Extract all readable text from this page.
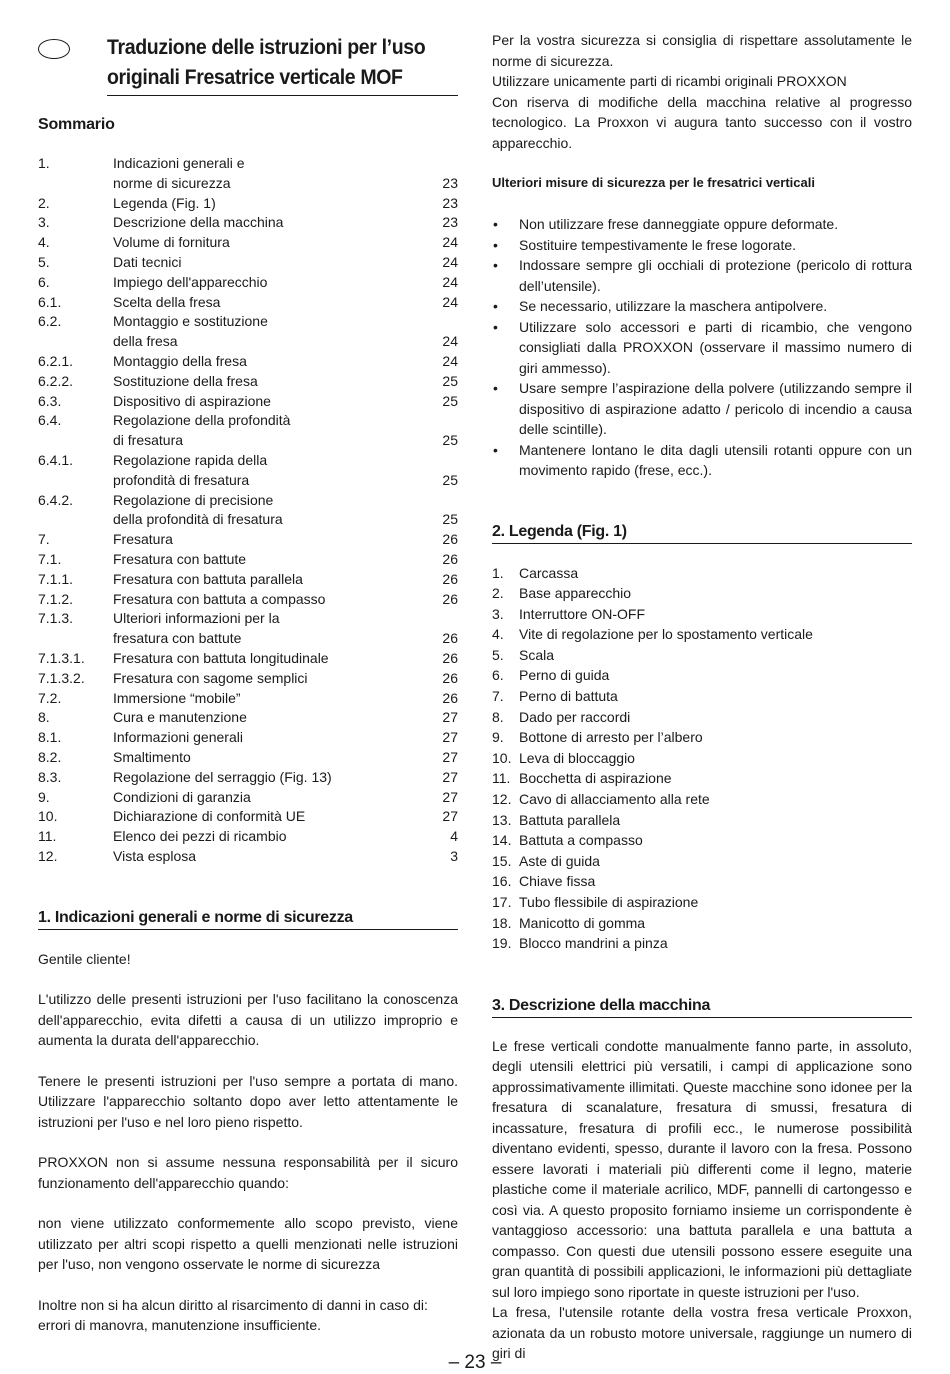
Traduzione delle istruzioni per l’uso
originali Fresatrice verticale MOF
Sommario
1.	Indicazioni generali e
norme di sicurezza	23
2.	Legenda (Fig. 1)	23
3.	Descrizione della macchina	23
4.	Volume di fornitura	24
5.	Dati tecnici	24
6.	Impiego dell'apparecchio	24
6.1.	Scelta della fresa	24
6.2.	Montaggio e sostituzione
della fresa	24
6.2.1.	Montaggio della fresa	24
6.2.2.	Sostituzione della fresa	25
6.3.	Dispositivo di aspirazione	25
6.4.	Regolazione della profondità
di fresatura	25
6.4.1.	Regolazione rapida della
profondità di fresatura	25
6.4.2.	Regolazione di precisione
della profondità di fresatura	25
7.	Fresatura	26
7.1.	Fresatura con battute	26
7.1.1.	Fresatura con battuta parallela	26
7.1.2.	Fresatura con battuta a compasso	26
7.1.3.	Ulteriori informazioni per la
fresatura con battute	26
7.1.3.1.	Fresatura con battuta longitudinale	26
7.1.3.2.	Fresatura con sagome semplici	26
7.2.	Immersione “mobile”	26
8.	Cura e manutenzione	27
8.1.	Informazioni generali	27
8.2.	Smaltimento	27
8.3.	Regolazione del serraggio (Fig. 13)	27
9.	Condizioni di garanzia	27
10.	Dichiarazione di conformità UE	27
11.	Elenco dei pezzi di ricambio	4
12.	Vista esplosa	3
1. Indicazioni generali e norme di sicurezza

Gentile cliente!

L'utilizzo delle presenti istruzioni per l'uso facilitano la conoscenza dell'apparecchio, evita difetti a causa di un utilizzo improprio e aumenta la durata dell'apparecchio.

Tenere le presenti istruzioni per l'uso sempre a portata di mano. Utilizzare l'apparecchio soltanto dopo aver letto attentamente le istruzioni per l'uso e nel loro pieno rispetto.

PROXXON non si assume nessuna responsabilità per il sicuro funzionamento dell'apparecchio quando:

non viene utilizzato conformemente allo scopo previsto, viene utilizzato per altri scopi rispetto a quelli menzionati nelle istruzioni per l'uso, non vengono osservate le norme di sicurezza

Inoltre non si ha alcun diritto al risarcimento di danni in caso di:

errori di manovra, manutenzione insufficiente.

Per la vostra sicurezza si consiglia di rispettare assolutamente le norme di sicurezza.

Utilizzare unicamente parti di ricambi originali PROXXON

Con riserva di modifiche della macchina relative al progresso tecnologico. La Proxxon vi augura tanto successo con il vostro apparecchio.

Ulteriori misure di sicurezza per le fresatrici verticali

• Non utilizzare frese danneggiate oppure deformate.
• Sostituire tempestivamente le frese logorate.
• Indossare sempre gli occhiali di protezione (pericolo di rottura dell’utensile).
• Se necessario, utilizzare la maschera antipolvere.
• Utilizzare solo accessori e parti di ricambio, che vengono consigliati dalla PROXXON (osservare il massimo numero di giri ammesso).
• Usare sempre l’aspirazione della polvere (utilizzando sempre il dispositivo di aspirazione adatto / pericolo di incendio a causa delle scintille).
• Mantenere lontano le dita dagli utensili rotanti oppure con un movimento rapido (frese, ecc.).
2. Legenda (Fig. 1)
1.	Carcassa
2.	Base apparecchio
3.	Interruttore ON-OFF
4.	Vite di regolazione per lo spostamento verticale
5.	Scala
6.	Perno di guida
7.	Perno di battuta
8.	Dado per raccordi
9.	Bottone di arresto per l’albero
10. Leva di bloccaggio
11. Bocchetta di aspirazione
12. Cavo di allacciamento alla rete
13. Battuta parallela
14. Battuta a compasso
15. Aste di guida
16. Chiave fissa
17. Tubo flessibile di aspirazione
18. Manicotto di gomma
19. Blocco mandrini a pinza
3. Descrizione della macchina

Le frese verticali condotte manualmente fanno parte, in assoluto, degli utensili elettrici più versatili, i campi di applicazione sono approssimativamente illimitati. Queste macchine sono idonee per la fresatura di scanalature, fresatura di smussi, fresatura di incassature, fresatura di profili ecc., le numerose possibilità diventano evidenti, spesso, durante il lavoro con la fresa. Possono essere lavorati i materiali più differenti come il legno, materie plastiche come il materiale acrilico, MDF, pannelli di cartongesso e così via. A questo proposito forniamo insieme un corrispondente è vantaggioso accessorio: una battuta parallela e una battuta a compasso. Con questi due utensili possono essere eseguite una gran quantità di possibili applicazioni, le informazioni più dettagliate sul loro impiego sono riportate in queste istruzioni per l'uso.

La fresa, l'utensile rotante della vostra fresa verticale Proxxon, azionata da un robusto motore universale, raggiunge un numero di giri di

– 23 –
